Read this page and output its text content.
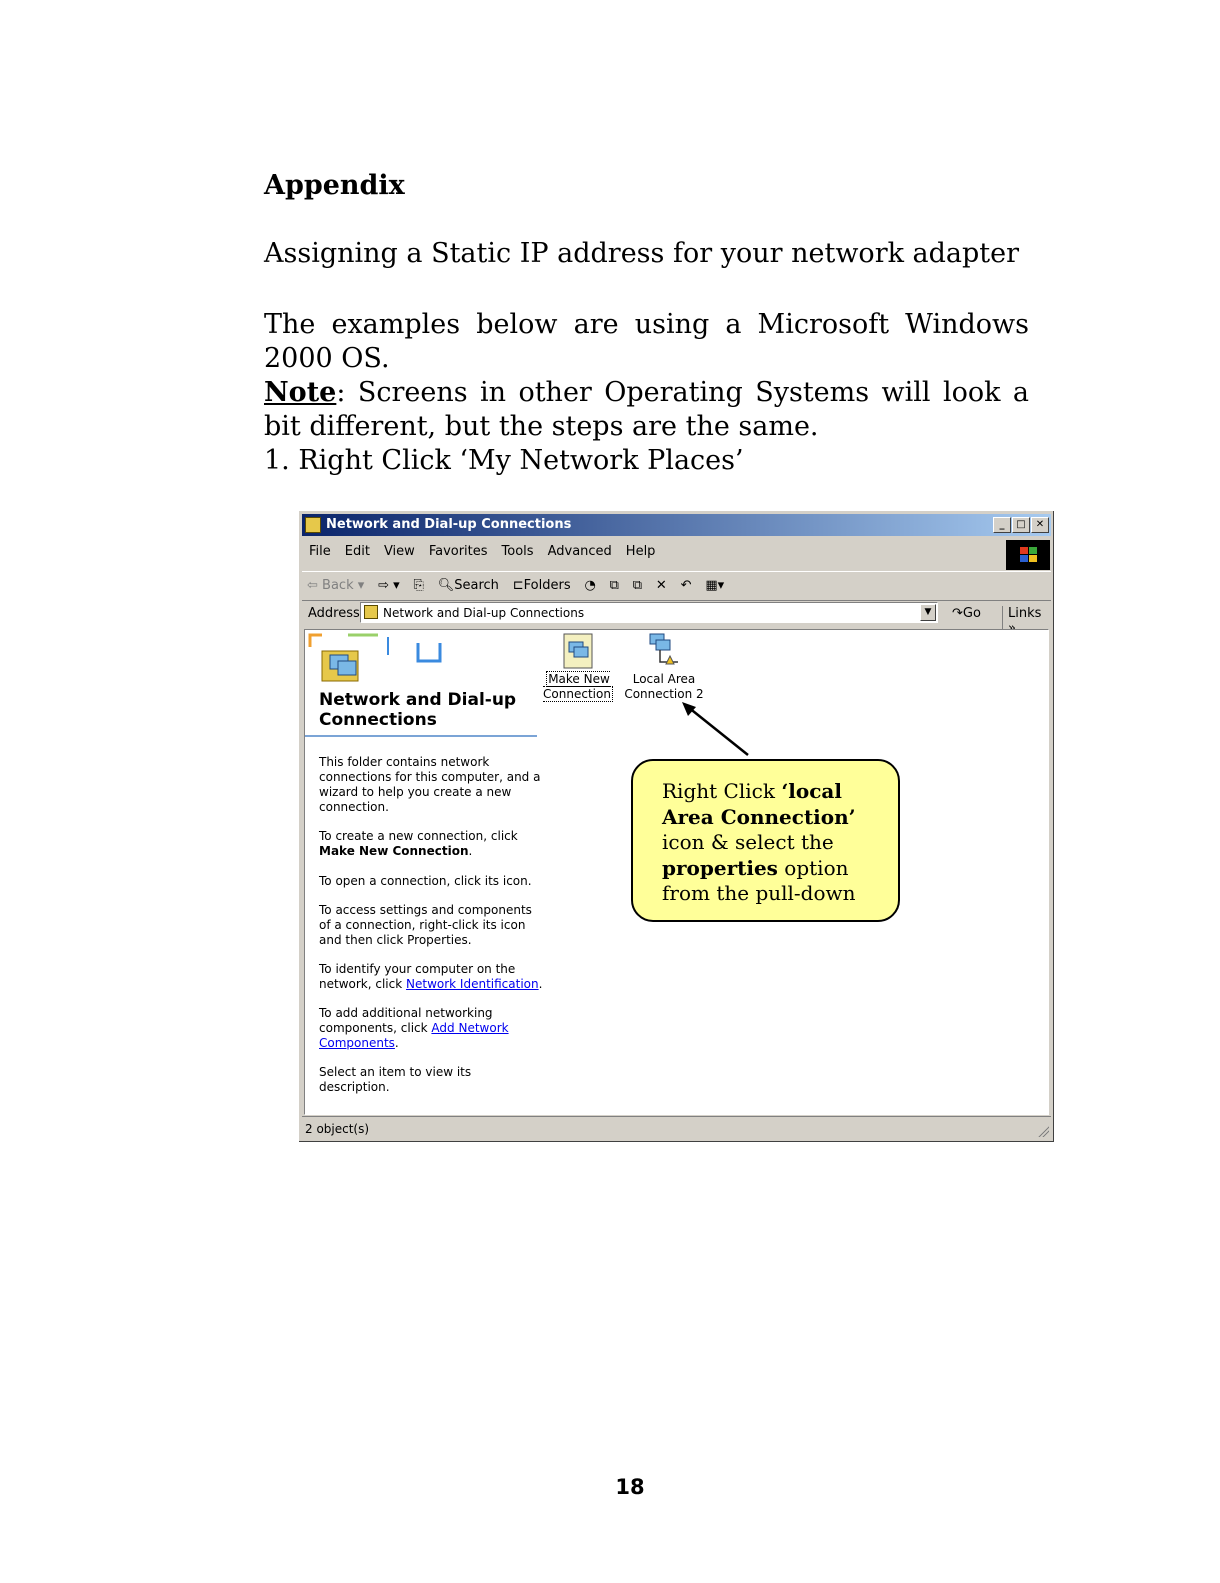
Appendix
Assigning a Static IP address for your network adapter
The examples below are using a Microsoft Windows 2000 OS.
Note: Screens in other Operating Systems will look a bit different, but the steps are the same.
1. Right Click ‘My Network Places’
Network and Dial-up Connections	_ □ ✕
File Edit View Favorites Tools Advanced Help
⇦ Back ▾ ⇨ ▾ ⎘ 🔍︎Search ⊏Folders ◔ ⧉ ⧉ ✕ ↶ ▦▾
Address Network and Dial-up Connections	▼	↷Go	Links
Network and Dial-up
Connections
This folder contains network connections for this computer, and a wizard to help you create a new connection.
To create a new connection, click
Make New Connection.
To open a connection, click its icon.
To access settings and components of a connection, right-click its icon and then click Properties.
To identify your computer on the network, click Network Identification.
To add additional networking components, click Add Network Components.
Select an item to view its description.
Make New
Connection
Local Area
Connection 2
2 object(s)
Right Click ‘local
Area Connection’
icon & select the
properties option
from the pull-down
18
